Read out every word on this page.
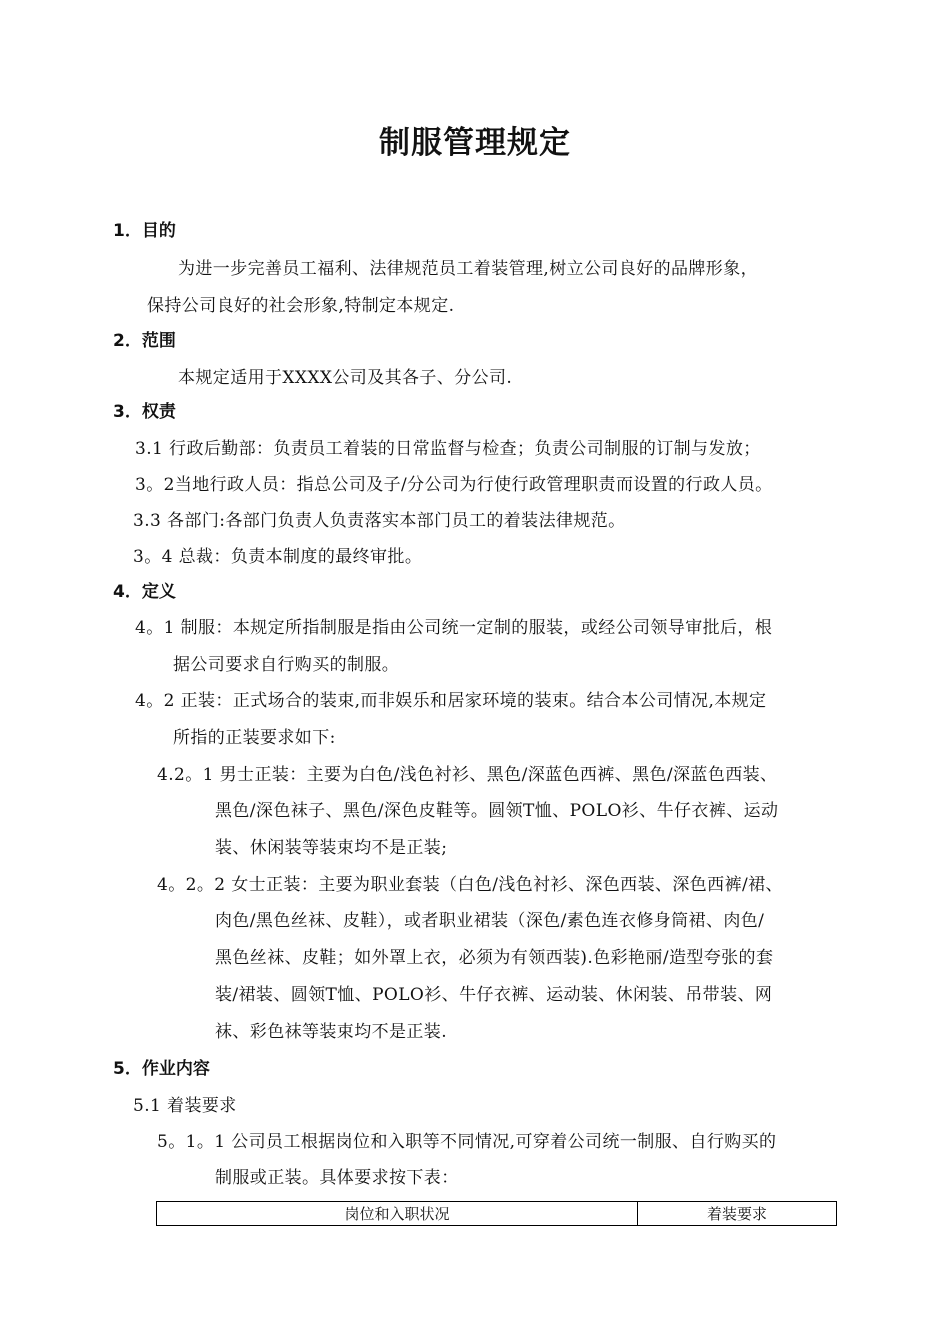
制服管理规定
1．目的
为进一步完善员工福利、法律规范员工着装管理,树立公司良好的品牌形象，
保持公司良好的社会形象,特制定本规定.
2．范围
本规定适用于XXXX公司及其各子、分公司.
3．权责
3.1 行政后勤部：负责员工着装的日常监督与检查；负责公司制服的订制与发放；
3。2当地行政人员：指总公司及子/分公司为行使行政管理职责而设置的行政人员。
3.3 各部门:各部门负责人负责落实本部门员工的着装法律规范。
3。4 总裁：负责本制度的最终审批。
4．定义
4。1 制服：本规定所指制服是指由公司统一定制的服装，或经公司领导审批后，根
据公司要求自行购买的制服。
4。2 正装：正式场合的装束,而非娱乐和居家环境的装束。结合本公司情况,本规定
所指的正装要求如下:
4.2。1 男士正装：主要为白色/浅色衬衫、黑色/深蓝色西裤、黑色/深蓝色西装、
黑色/深色袜子、黑色/深色皮鞋等。圆领T恤、POLO衫、牛仔衣裤、运动
装、休闲装等装束均不是正装;
4。2。2 女士正装：主要为职业套装（白色/浅色衬衫、深色西装、深色西裤/裙、
肉色/黑色丝袜、皮鞋），或者职业裙装（深色/素色连衣修身筒裙、肉色/
黑色丝袜、皮鞋；如外罩上衣，必须为有领西装).色彩艳丽/造型夸张的套
装/裙装、圆领T恤、POLO衫、牛仔衣裤、运动装、休闲装、吊带装、网
袜、彩色袜等装束均不是正装.
5．作业内容
5.1 着装要求
5。1。1 公司员工根据岗位和入职等不同情况,可穿着公司统一制服、自行购买的
制服或正装。具体要求按下表：
岗位和入职状况	着装要求
